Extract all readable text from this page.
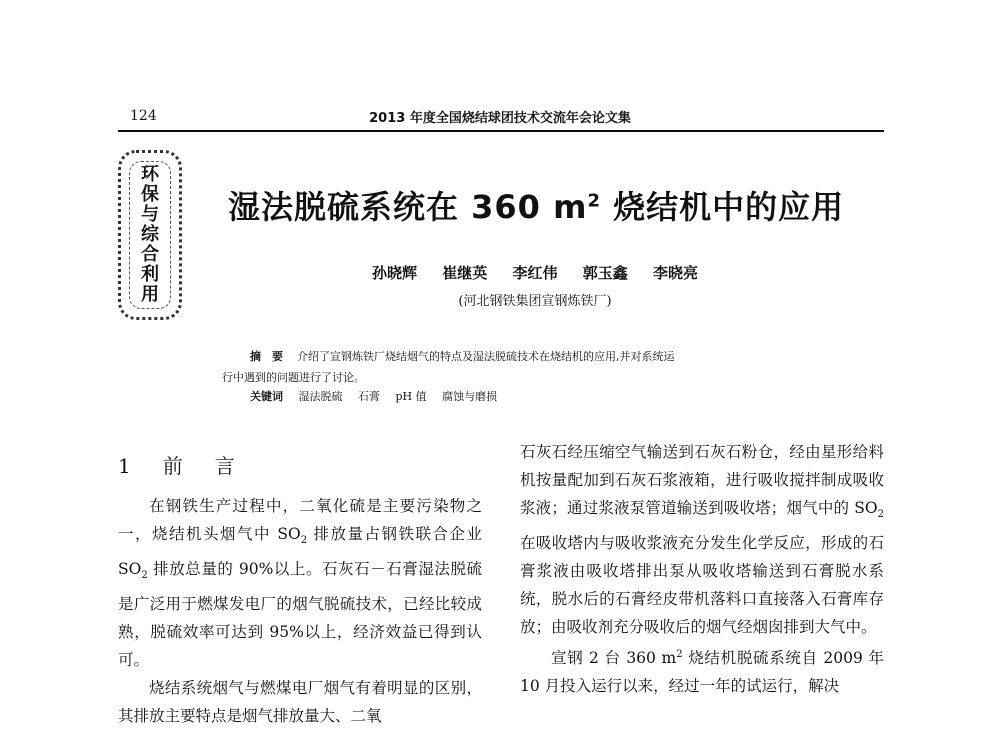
124	2013 年度全国烧结球团技术交流年会论文集
环
保
与
综
合
利
用
湿法脱硫系统在 360 $m^2$ 烧结机中的应用
孙晓辉 崔继英 李红伟 郭玉鑫 李晓亮
(河北钢铁集团宣钢炼铁厂)
摘　要 介绍了宣钢炼铁厂烧结烟气的特点及湿法脱硫技术在烧结机的应用,并对系统运
行中遇到的问题进行了讨论。
关键词 湿法脱硫 石膏 pH 值 腐蚀与磨损
1　前　言

在钢铁生产过程中，二氧化硫是主要污染物之一，烧结机头烟气中 $SO_2$ 排放量占钢铁联合企业 $SO_2$ 排放总量的 90%以上。石灰石－石膏湿法脱硫是广泛用于燃煤发电厂的烟气脱硫技术，已经比较成熟，脱硫效率可达到 95%以上，经济效益已得到认可。

烧结系统烟气与燃煤电厂烟气有着明显的区别，其排放主要特点是烟气排放量大、二氧

石灰石经压缩空气输送到石灰石粉仓，经由星形给料机按量配加到石灰石浆液箱，进行吸收搅拌制成吸收浆液；通过浆液泵管道输送到吸收塔；烟气中的 $SO_2$ 在吸收塔内与吸收浆液充分发生化学反应，形成的石膏浆液由吸收塔排出泵从吸收塔输送到石膏脱水系统，脱水后的石膏经皮带机落料口直接落入石膏库存放；由吸收剂充分吸收后的烟气经烟囱排到大气中。

宣钢 2 台 360 $m^2$ 烧结机脱硫系统自 2009 年 10 月投入运行以来，经过一年的试运行，解决
